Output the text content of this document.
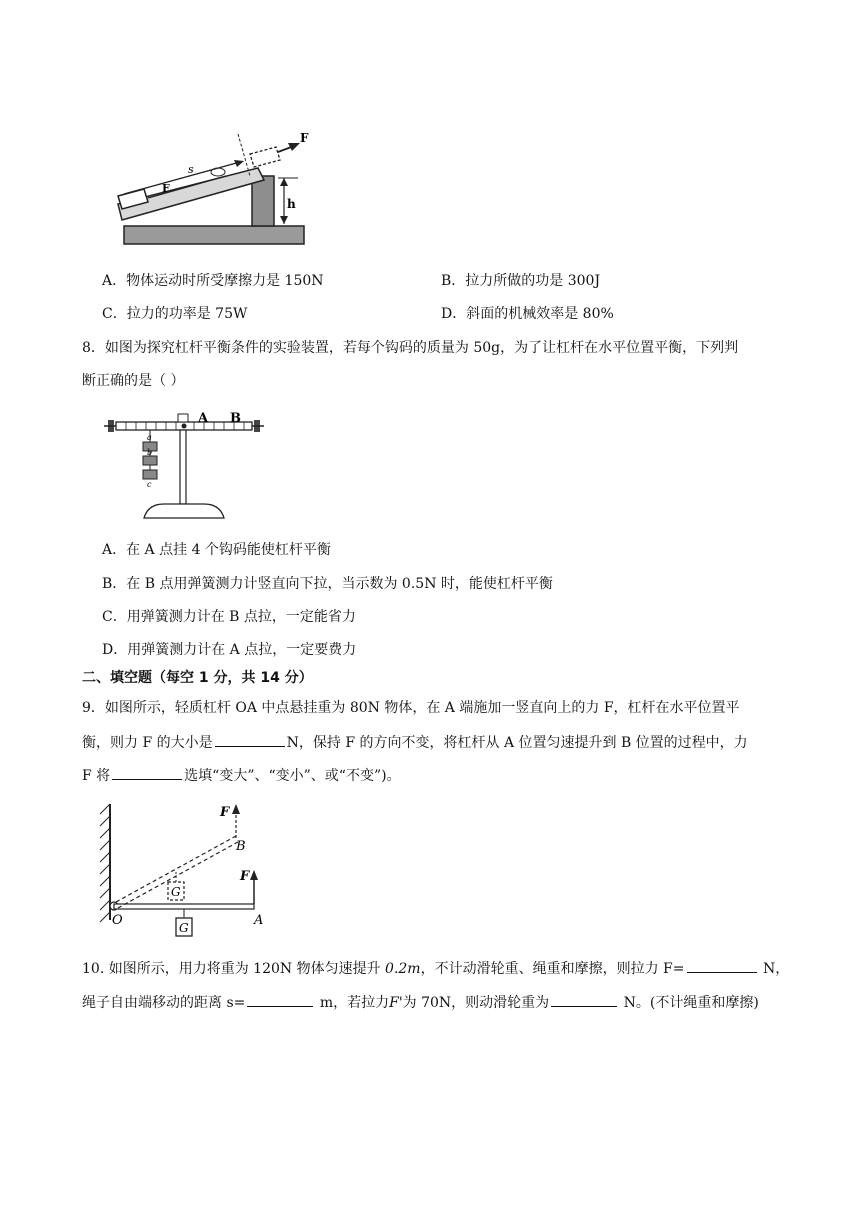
F
s
F
h
A．物体运动时所受摩擦力是 150N	B．拉力所做的功是 300J
C．拉力的功率是 75W	D．斜面的机械效率是 80%
8．如图为探究杠杆平衡条件的实验装置，若每个钩码的质量为 50g，为了让杠杆在水平位置平衡，下列判
断正确的是（ ）
a
b
c
A B
A．在 A 点挂 4 个钩码能使杠杆平衡
B．在 B 点用弹簧测力计竖直向下拉，当示数为 0.5N 时，能使杠杆平衡
C．用弹簧测力计在 B 点拉，一定能省力
D．用弹簧测力计在 A 点拉，一定要费力
二、填空题（每空 1 分，共 14 分）
9．如图所示，轻质杠杆 OA 中点悬挂重为 80N 物体，在 A 端施加一竖直向上的力 F，杠杆在水平位置平
衡，则力 F 的大小是	N，保持 F 的方向不变，将杠杆从 A 位置匀速提升到 B 位置的过程中，力
F 将	选填“变大”、“变小”、或“不变”)。
F
B
F
G
O	A
G
10. 如图所示，用力将重为 120N 物体匀速提升 0.2m，不计动滑轮重、绳重和摩擦，则拉力 F=	N，
绳子自由端移动的距离 s=	m，若拉力F'为 70N，则动滑轮重为	N。(不计绳重和摩擦)
